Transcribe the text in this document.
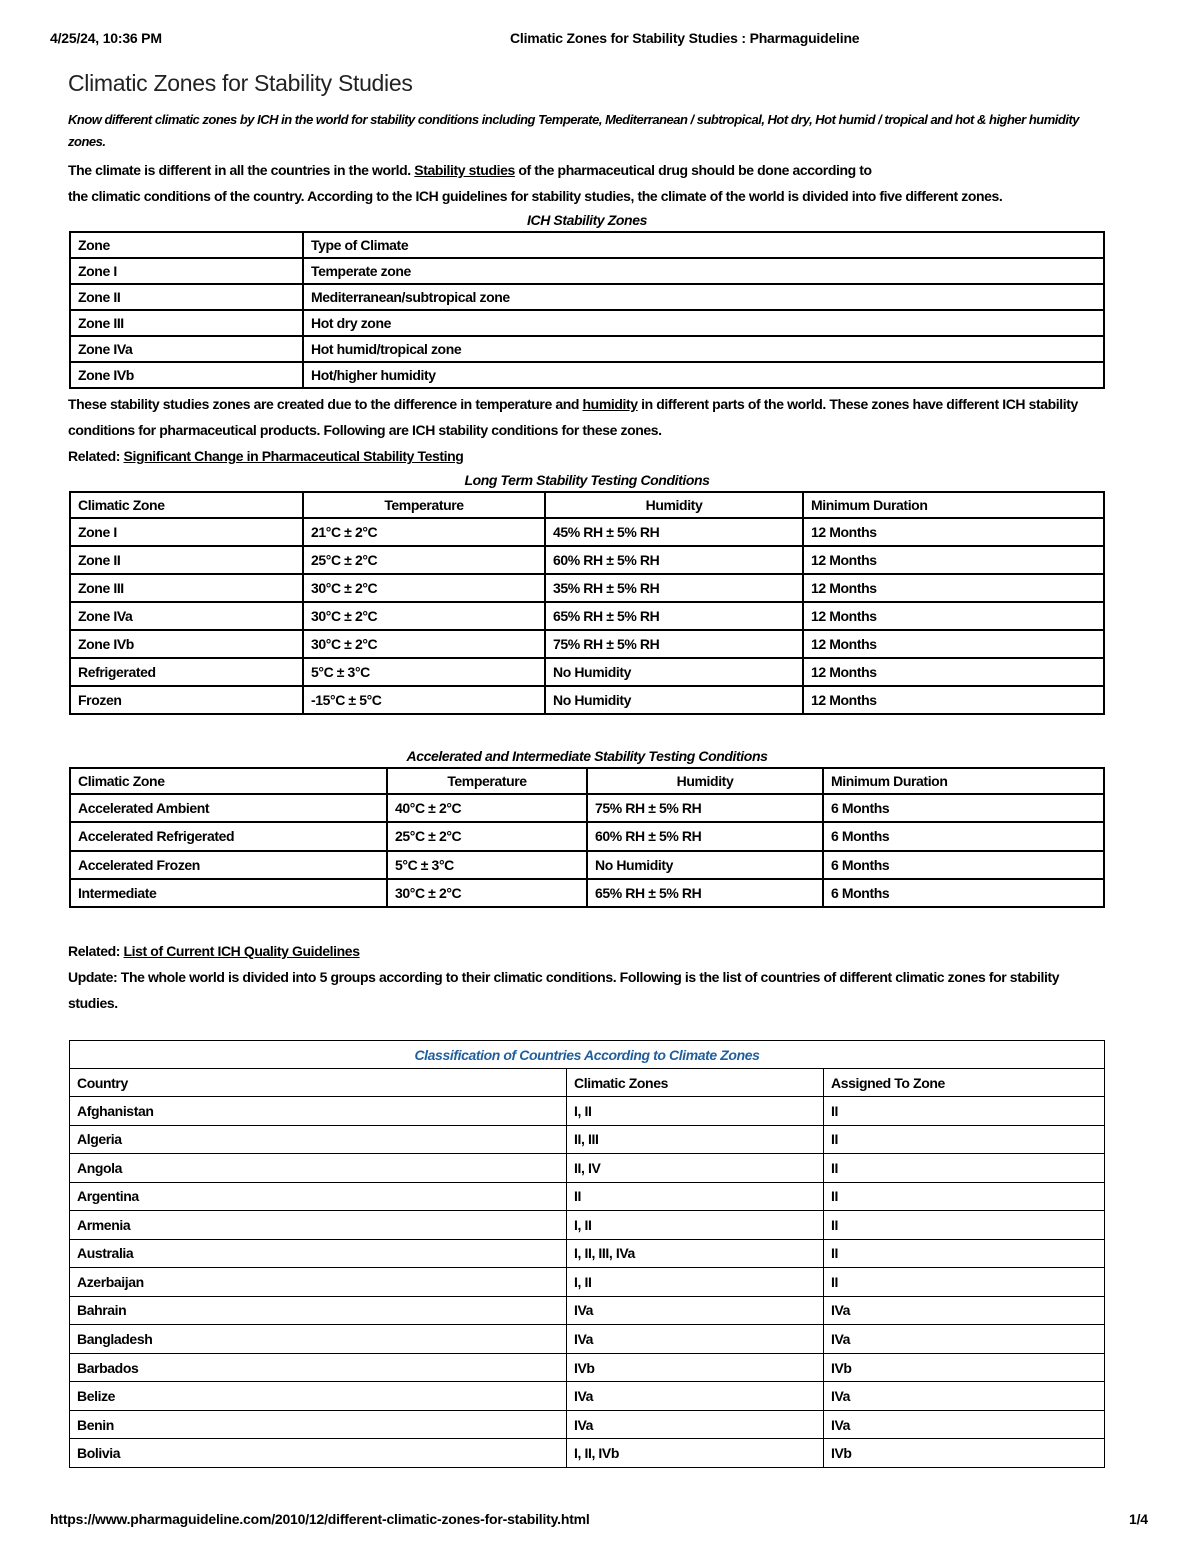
4/25/24, 10:36 PM	Climatic Zones for Stability Studies : Pharmaguideline
Climatic Zones for Stability Studies
Know different climatic zones by ICH in the world for stability conditions including Temperate, Mediterranean / subtropical, Hot dry, Hot humid / tropical and hot & higher humidity zones.

The climate is different in all the countries in the world. Stability studies of the pharmaceutical drug should be done according to

the climatic conditions of the country. According to the ICH guidelines for stability studies, the climate of the world is divided into five different zones.

ICH Stability Zones
Zone	Type of Climate
Zone I	Temperate zone
Zone II	Mediterranean/subtropical zone
Zone III	Hot dry zone
Zone IVa	Hot humid/tropical zone
Zone IVb	Hot/higher humidity

These stability studies zones are created due to the difference in temperature and humidity in different parts of the world. These zones have different ICH stability conditions for pharmaceutical products. Following are ICH stability conditions for these zones.

Related: Significant Change in Pharmaceutical Stability Testing

Long Term Stability Testing Conditions
Climatic Zone	Temperature	Humidity	Minimum Duration
Zone I	21°C ± 2°C	45% RH ± 5% RH	12 Months
Zone II	25°C ± 2°C	60% RH ± 5% RH	12 Months
Zone III	30°C ± 2°C	35% RH ± 5% RH	12 Months
Zone IVa	30°C ± 2°C	65% RH ± 5% RH	12 Months
Zone IVb	30°C ± 2°C	75% RH ± 5% RH	12 Months
Refrigerated	5°C ± 3°C	No Humidity	12 Months
Frozen	-15°C ± 5°C	No Humidity	12 Months
Accelerated and Intermediate Stability Testing Conditions
Climatic Zone	Temperature	Humidity	Minimum Duration
Accelerated Ambient	40°C ± 2°C	75% RH ± 5% RH	6 Months
Accelerated Refrigerated	25°C ± 2°C	60% RH ± 5% RH	6 Months
Accelerated Frozen	5°C ± 3°C	No Humidity	6 Months
Intermediate	30°C ± 2°C	65% RH ± 5% RH	6 Months

Related: List of Current ICH Quality Guidelines

Update: The whole world is divided into 5 groups according to their climatic conditions. Following is the list of countries of different climatic zones for stability studies.

Classification of Countries According to Climate Zones		
Country	Climatic Zones	Assigned To Zone
Afghanistan	I, II	II
Algeria	II, III	II
Angola	II, IV	II
Argentina	II	II
Armenia	I, II	II
Australia	I, II, III, IVa	II
Azerbaijan	I, II	II
Bahrain	IVa	IVa
Bangladesh	IVa	IVa
Barbados	IVb	IVb
Belize	IVa	IVa
Benin	IVa	IVa
Bolivia	I, II, IVb	IVb
https://www.pharmaguideline.com/2010/12/different-climatic-zones-for-stability.html	1/4
